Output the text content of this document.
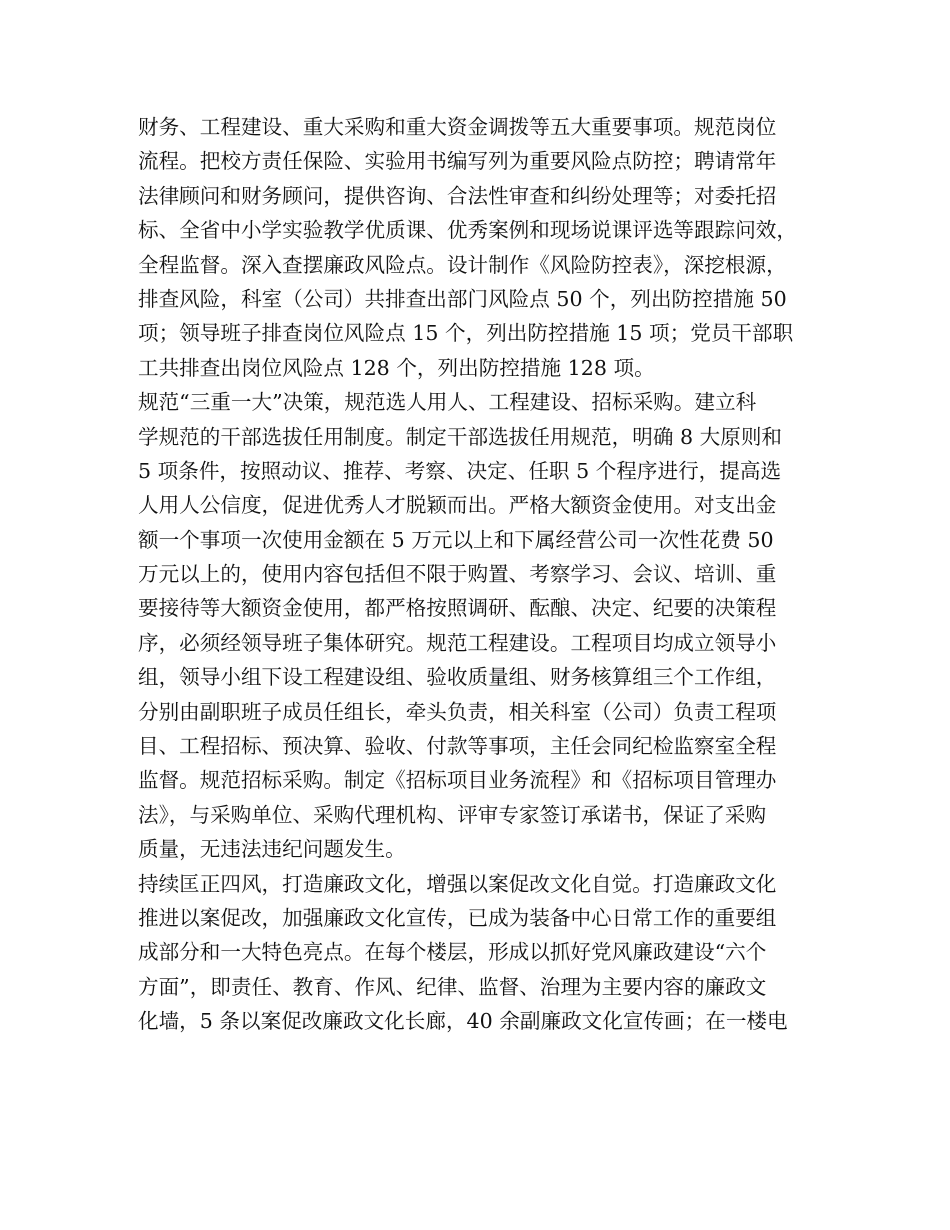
财务、工程建设、重大采购和重大资金调拨等五大重要事项。规范岗位
流程。把校方责任保险、实验用书编写列为重要风险点防控；聘请常年
法律顾问和财务顾问，提供咨询、合法性审查和纠纷处理等；对委托招
标、全省中小学实验教学优质课、优秀案例和现场说课评选等跟踪问效，
全程监督。深入查摆廉政风险点。设计制作《风险防控表》，深挖根源，
排查风险，科室（公司）共排查出部门风险点 50 个，列出防控措施 50
项；领导班子排查岗位风险点 15 个，列出防控措施 15 项；党员干部职
工共排查出岗位风险点 128 个，列出防控措施 128 项。
规范“三重一大”决策，规范选人用人、工程建设、招标采购。建立科
学规范的干部选拔任用制度。制定干部选拔任用规范，明确 8 大原则和
5 项条件，按照动议、推荐、考察、决定、任职 5 个程序进行，提高选
人用人公信度，促进优秀人才脱颖而出。严格大额资金使用。对支出金
额一个事项一次使用金额在 5 万元以上和下属经营公司一次性花费 50
万元以上的，使用内容包括但不限于购置、考察学习、会议、培训、重
要接待等大额资金使用，都严格按照调研、酝酿、决定、纪要的决策程
序，必须经领导班子集体研究。规范工程建设。工程项目均成立领导小
组，领导小组下设工程建设组、验收质量组、财务核算组三个工作组，
分别由副职班子成员任组长，牵头负责，相关科室（公司）负责工程项
目、工程招标、预决算、验收、付款等事项，主任会同纪检监察室全程
监督。规范招标采购。制定《招标项目业务流程》和《招标项目管理办
法》，与采购单位、采购代理机构、评审专家签订承诺书，保证了采购
质量，无违法违纪问题发生。
持续匡正四风，打造廉政文化，增强以案促改文化自觉。打造廉政文化
推进以案促改，加强廉政文化宣传，已成为装备中心日常工作的重要组
成部分和一大特色亮点。在每个楼层，形成以抓好党风廉政建设“六个
方面”，即责任、教育、作风、纪律、监督、治理为主要内容的廉政文
化墙，5 条以案促改廉政文化长廊，40 余副廉政文化宣传画；在一楼电
